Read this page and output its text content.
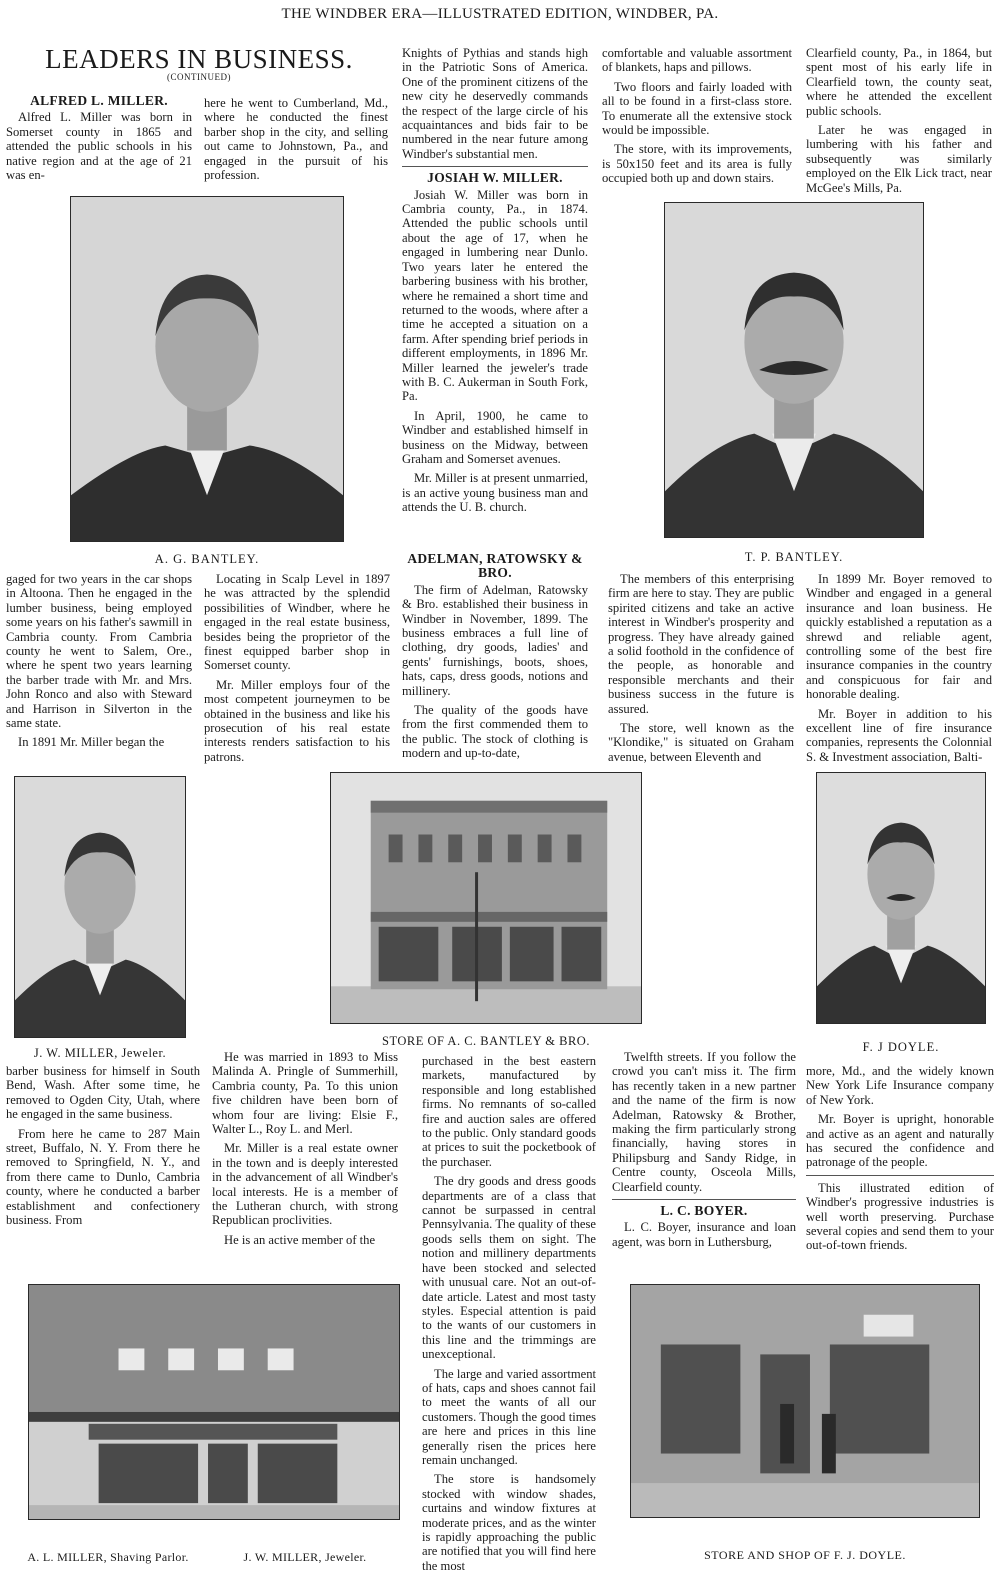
THE WINDBER ERA—ILLUSTRATED EDITION, WINDBER, PA.
LEADERS IN BUSINESS.
(CONTINUED)
ALFRED L. MILLER.

Alfred L. Miller was born in Somerset county in 1865 and attended the public schools in his native region and at the age of 21 was en-

here he went to Cumberland, Md., where he conducted the finest barber shop in the city, and selling out came to Johnstown, Pa., and engaged in the pursuit of his profession.

Knights of Pythias and stands high in the Patriotic Sons of America. One of the prominent citizens of the new city he deservedly commands the respect of the large circle of his acquaintances and bids fair to be numbered in the near future among Windber's substantial men.

JOSIAH W. MILLER.

Josiah W. Miller was born in Cambria county, Pa., in 1874. Attended the public schools until about the age of 17, when he engaged in lumbering near Dunlo. Two years later he entered the barbering business with his brother, where he remained a short time and returned to the woods, where after a time he accepted a situation on a farm. After spending brief periods in different employments, in 1896 Mr. Miller learned the jeweler's trade with B. C. Aukerman in South Fork, Pa.

In April, 1900, he came to Windber and established himself in business on the Midway, between Graham and Somerset avenues.

Mr. Miller is at present unmarried, is an active young business man and attends the U. B. church.

comfortable and valuable assortment of blankets, haps and pillows.

Two floors and fairly loaded with all to be found in a first-class store. To enumerate all the extensive stock would be impossible.

The store, with its improvements, is 50x150 feet and its area is fully occupied both up and down stairs.

Clearfield county, Pa., in 1864, but spent most of his early life in Clearfield town, the county seat, where he attended the excellent public schools.

Later he was engaged in lumbering with his father and subsequently was similarly employed on the Elk Lick tract, near McGee's Mills, Pa.

A. G. BANTLEY.	T. P. BANTLEY.

gaged for two years in the car shops in Altoona. Then he engaged in the lumber business, being employed some years on his father's sawmill in Cambria county. From Cambria county he went to Salem, Ore., where he spent two years learning the barber trade with Mr. and Mrs. John Ronco and also with Steward and Harrison in Silverton in the same state.

In 1891 Mr. Miller began the

Locating in Scalp Level in 1897 he was attracted by the splendid possibilities of Windber, where he engaged in the real estate business, besides being the proprietor of the finest equipped barber shop in Somerset county.

Mr. Miller employs four of the most competent journeymen to be obtained in the business and like his prosecution of his real estate interests renders satisfaction to his patrons.

ADELMAN, RATOWSKY & BRO.

The firm of Adelman, Ratowsky & Bro. established their business in Windber in November, 1899. The business embraces a full line of clothing, dry goods, ladies' and gents' furnishings, boots, shoes, hats, caps, dress goods, notions and millinery.

The quality of the goods have from the first commended them to the public. The stock of clothing is modern and up-to-date,

The members of this enterprising firm are here to stay. They are public spirited citizens and take an active interest in Windber's prosperity and progress. They have already gained a solid foothold in the confidence of the people, as honorable and responsible merchants and their business success in the future is assured.

The store, well known as the "Klondike," is situated on Graham avenue, between Eleventh and

In 1899 Mr. Boyer removed to Windber and engaged in a general insurance and loan business. He quickly established a reputation as a shrewd and reliable agent, controlling some of the best fire insurance companies in the country and conspicuous for fair and honorable dealing.

Mr. Boyer in addition to his excellent line of fire insurance companies, represents the Colonnial S. & Investment association, Balti-

J. W. MILLER, Jeweler.
STORE OF A. C. BANTLEY & BRO.	F. J DOYLE.

barber business for himself in South Bend, Wash. After some time, he removed to Ogden City, Utah, where he engaged in the same business.

From here he came to 287 Main street, Buffalo, N. Y. From there he removed to Springfield, N. Y., and from there came to Dunlo, Cambria county, where he conducted a barber establishment and confectionery business. From

He was married in 1893 to Miss Malinda A. Pringle of Summerhill, Cambria county, Pa. To this union five children have been born of whom four are living: Elsie F., Walter L., Roy L. and Merl.

Mr. Miller is a real estate owner in the town and is deeply interested in the advancement of all Windber's local interests. He is a member of the Lutheran church, with strong Republican proclivities.

He is an active member of the

purchased in the best eastern markets, manufactured by responsible and long established firms. No remnants of so-called fire and auction sales are offered to the public. Only standard goods at prices to suit the pocketbook of the purchaser.

The dry goods and dress goods departments are of a class that cannot be surpassed in central Pennsylvania. The quality of these goods sells them on sight. The notion and millinery departments have been stocked and selected with unusual care. Not an out-of-date article. Latest and most tasty styles. Especial attention is paid to the wants of our customers in this line and the trimmings are unexceptional.

The large and varied assortment of hats, caps and shoes cannot fail to meet the wants of all our customers. Though the good times are here and prices in this line generally risen the prices here remain unchanged.

The store is handsomely stocked with window shades, curtains and window fixtures at moderate prices, and as the winter is rapidly approaching the public are notified that you will find here the most

Twelfth streets. If you follow the crowd you can't miss it. The firm has recently taken in a new partner and the name of the firm is now Adelman, Ratowsky & Brother, making the firm particularly strong financially, having stores in Philipsburg and Sandy Ridge, in Centre county, Osceola Mills, Clearfield county.

L. C. BOYER.

L. C. Boyer, insurance and loan agent, was born in Luthersburg,

more, Md., and the widely known New York Life Insurance company of New York.

Mr. Boyer is upright, honorable and active as an agent and naturally has secured the confidence and patronage of the people.

This illustrated edition of Windber's progressive industries is well worth preserving. Purchase several copies and send them to your out-of-town friends.

A. L. MILLER, Shaving Parlor.	J. W. MILLER, Jeweler.	STORE AND SHOP OF F. J. DOYLE.
